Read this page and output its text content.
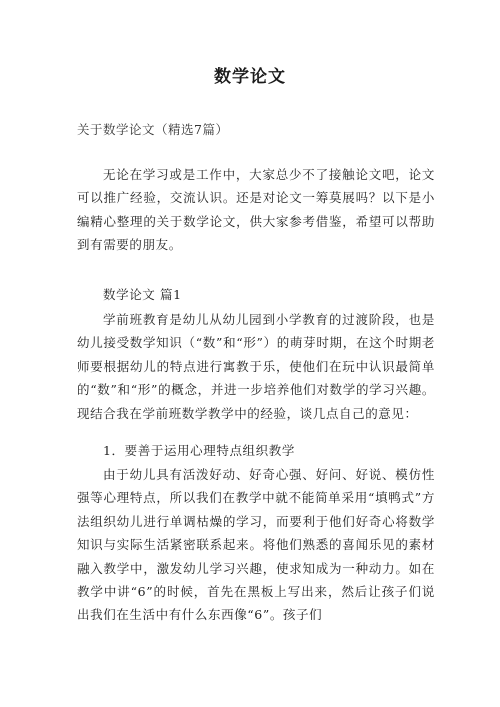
数学论文
关于数学论文（精选7篇）
无论在学习或是工作中，大家总少不了接触论文吧，论文可以推广经验，交流认识。还是对论文一筹莫展吗？以下是小编精心整理的关于数学论文，供大家参考借鉴，希望可以帮助到有需要的朋友。
数学论文 篇1
学前班教育是幼儿从幼儿园到小学教育的过渡阶段，也是幼儿接受数学知识（“数”和“形”）的萌芽时期，在这个时期老师要根据幼儿的特点进行寓教于乐，使他们在玩中认识最简单的“数”和“形”的概念，并进一步培养他们对数学的学习兴趣。现结合我在学前班数学教学中的经验，谈几点自己的意见：
1．要善于运用心理特点组织教学
由于幼儿具有活泼好动、好奇心强、好问、好说、模仿性强等心理特点，所以我们在教学中就不能简单采用“填鸭式”方法组织幼儿进行单调枯燥的学习，而要利于他们好奇心将数学知识与实际生活紧密联系起来。将他们熟悉的喜闻乐见的素材融入教学中，激发幼儿学习兴趣，使求知成为一种动力。如在教学中讲“6”的时候，首先在黑板上写出来，然后让孩子们说出我们在生活中有什么东西像“6”。孩子们
